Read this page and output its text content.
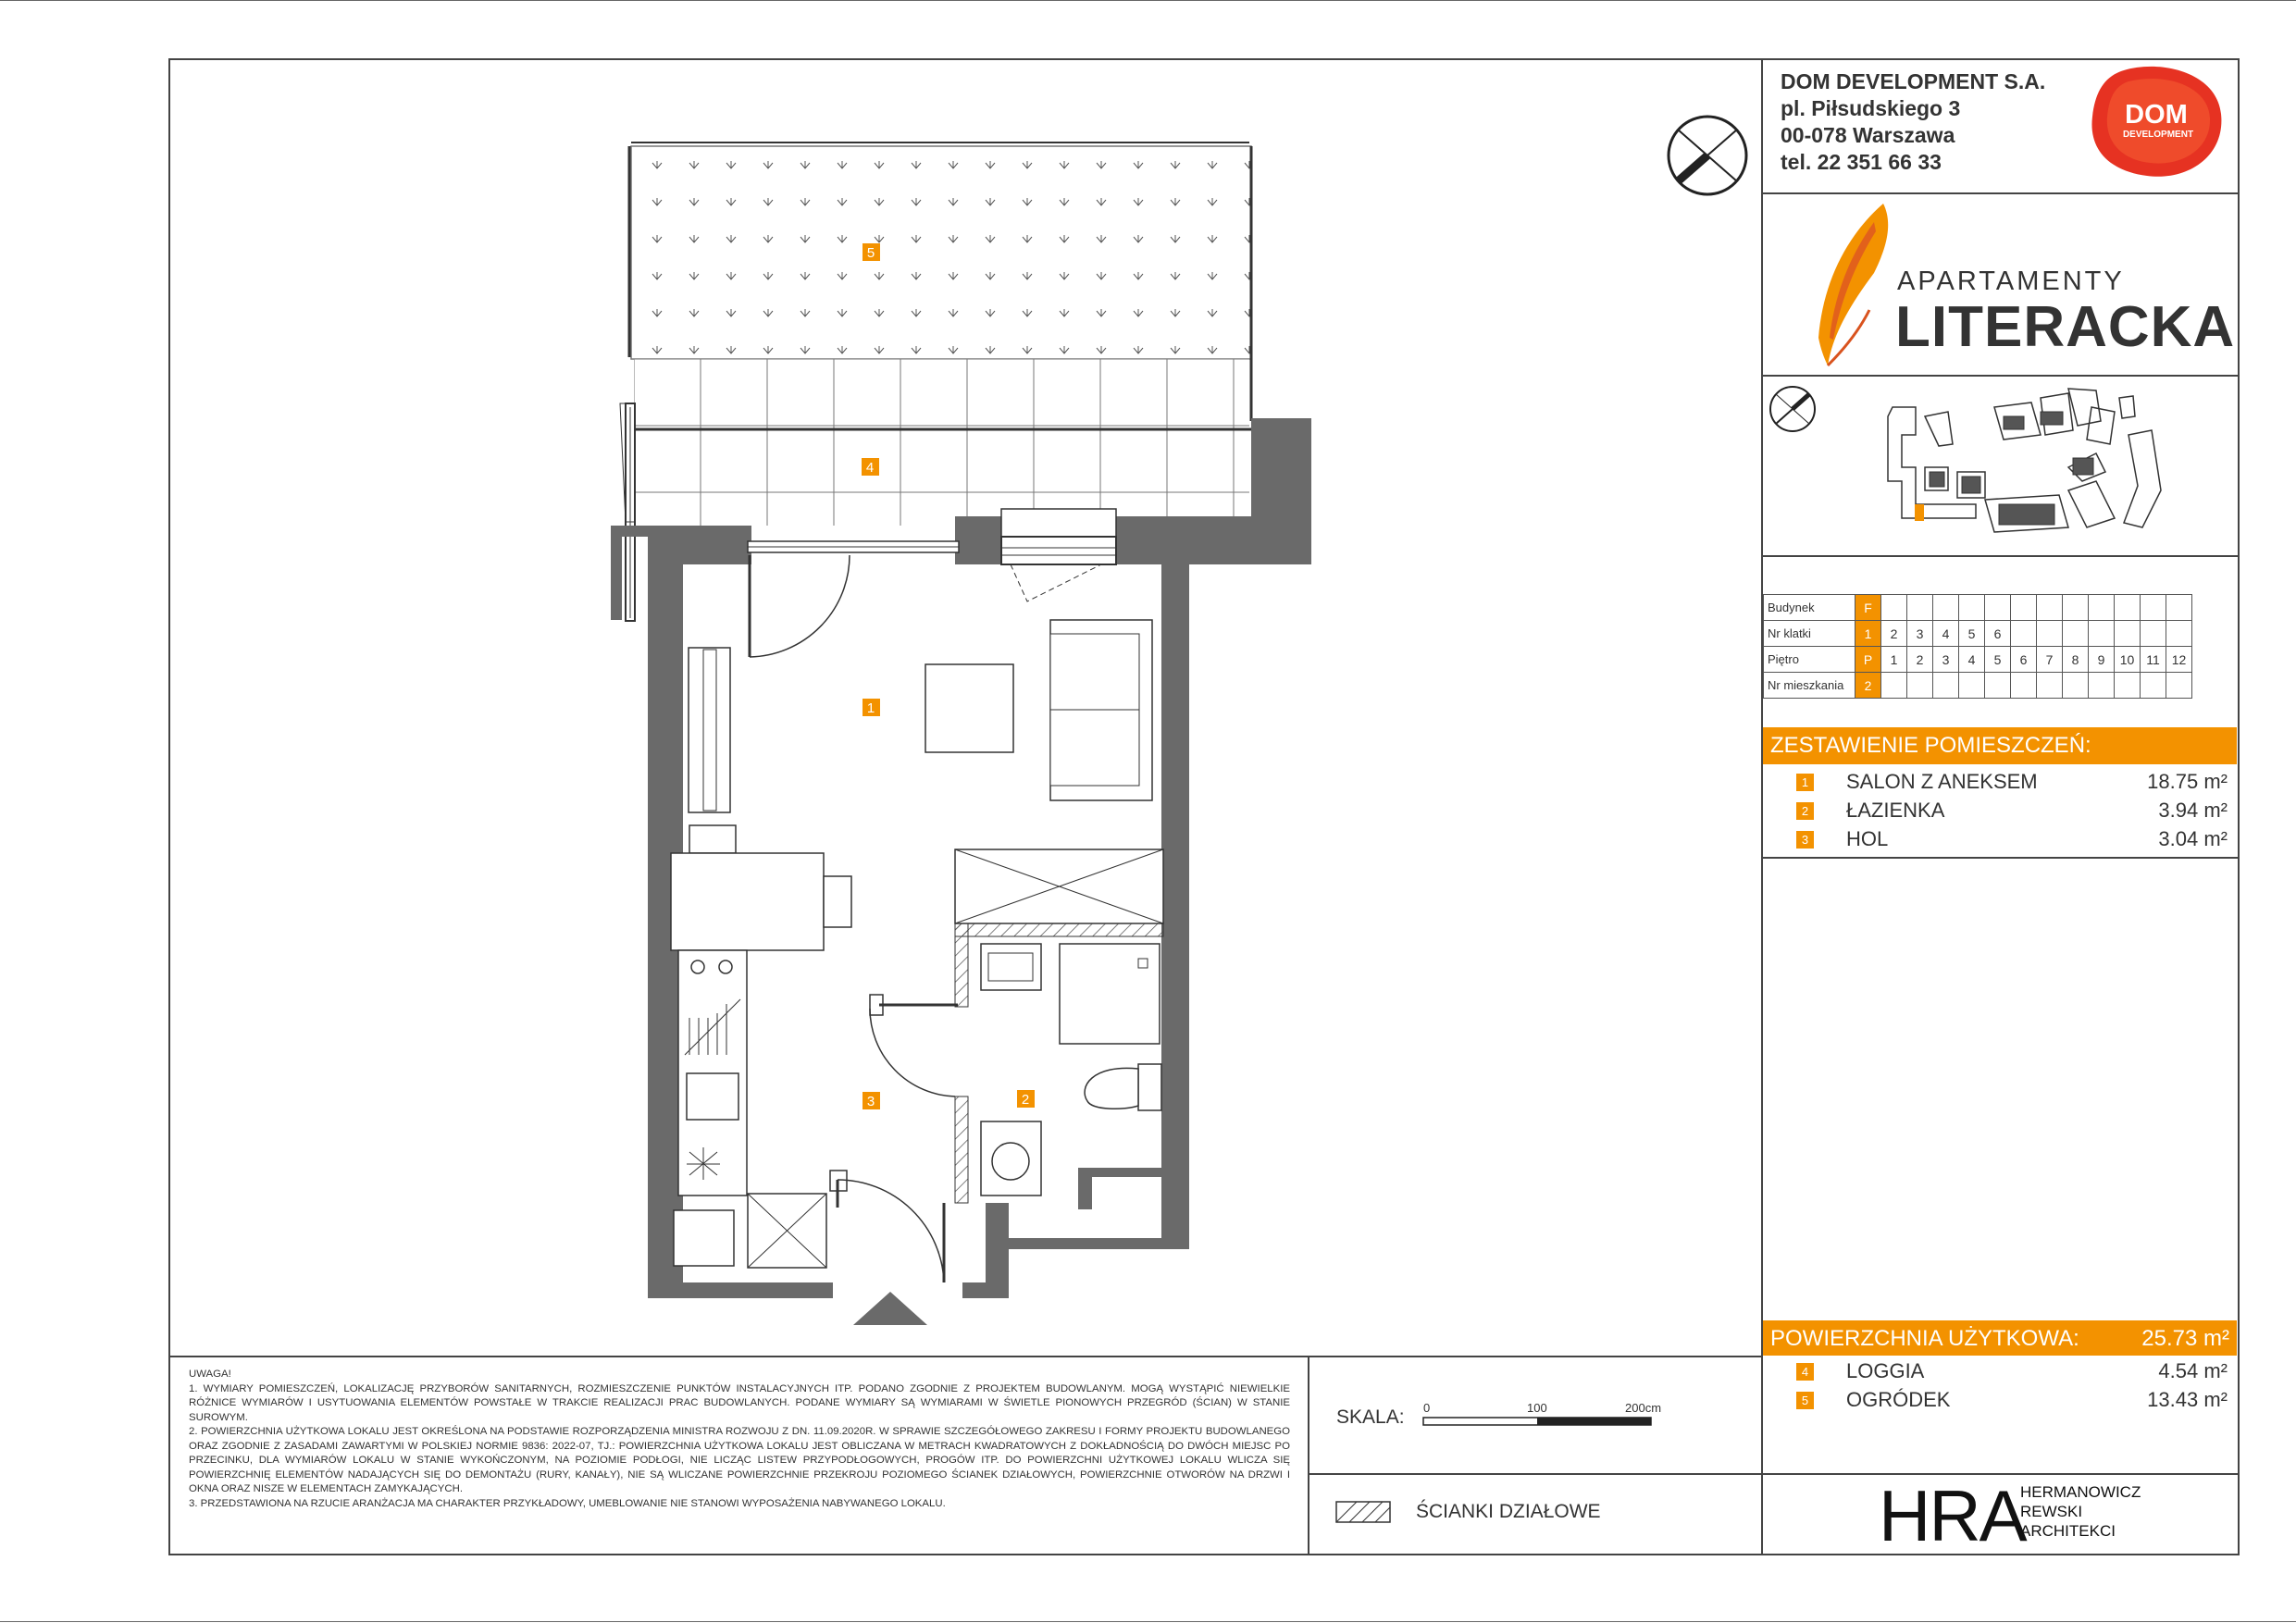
DOM DEVELOPMENT S.A.
pl. Piłsudskiego 3
00-078 Warszawa
tel. 22 351 66 33
DOM
DEVELOPMENT
APARTAMENTY
LITERACKA
Budynek	F												
Nr klatki	1	2	3	4	5	6							
Piętro	P	1	2	3	4	5	6	7	8	9	10	11	12
Nr mieszkania	2												
ZESTAWIENIE POMIESZCZEŃ:
1 SALON Z ANEKSEM	18.75 m²
2 ŁAZIENKA	3.94 m²
3 HOL	3.04 m²
POWIERZCHNIA UŻYTKOWA:	25.73 m²
4 LOGGIA	4.54 m²
5 OGRÓDEK	13.43 m²

UWAGA!

1. WYMIARY POMIESZCZEŃ, LOKALIZACJĘ PRZYBORÓW SANITARNYCH, ROZMIESZCZENIE PUNKTÓW INSTALACYJNYCH ITP. PODANO ZGODNIE Z PROJEKTEM BUDOWLANYM. MOGĄ WYSTĄPIĆ NIEWIELKIE RÓŻNICE WYMIARÓW I USYTUOWANIA ELEMENTÓW POWSTAŁE W TRAKCIE REALIZACJI PRAC BUDOWLANYCH. PODANE WYMIARY SĄ WYMIARAMI W ŚWIETLE PIONOWYCH PRZEGRÓD (ŚCIAN) W STANIE SUROWYM.

2. POWIERZCHNIA UŻYTKOWA LOKALU JEST OKREŚLONA NA PODSTAWIE ROZPORZĄDZENIA MINISTRA ROZWOJU Z DN. 11.09.2020R. W SPRAWIE SZCZEGÓŁOWEGO ZAKRESU I FORMY PROJEKTU BUDOWLANEGO ORAZ ZGODNIE Z ZASADAMI ZAWARTYMI W POLSKIEJ NORMIE 9836: 2022-07, TJ.: POWIERZCHNIA UŻYTKOWA LOKALU JEST OBLICZANA W METRACH KWADRATOWYCH Z DOKŁADNOŚCIĄ DO DWÓCH MIEJSC PO PRZECINKU, DLA WYMIARÓW LOKALU W STANIE WYKOŃCZONYM, NA POZIOMIE PODŁOGI, NIE LICZĄC LISTEW PRZYPODŁOGOWYCH, PROGÓW ITP. DO POWIERZCHNI UŻYTKOWEJ LOKALU WLICZA SIĘ POWIERZCHNIĘ ELEMENTÓW NADAJĄCYCH SIĘ DO DEMONTAŻU (RURY, KANAŁY), NIE SĄ WLICZANE POWIERZCHNIE PRZEKROJU POZIOMEGO ŚCIANEK DZIAŁOWYCH, POWIERZCHNIE OTWORÓW NA DRZWI I OKNA ORAZ NISZE W ELEMENTACH ZAMYKAJĄCYCH.

3. PRZEDSTAWIONA NA RZUCIE ARANŻACJA MA CHARAKTER PRZYKŁADOWY, UMEBLOWANIE NIE STANOWI WYPOSAŻENIA NABYWANEGO LOKALU.

SKALA: 0	100	200cm
ŚCIANKI DZIAŁOWE	HRA
HERMANOWICZ
REWSKI
ARCHITEKCI
1
2
3
4
5
